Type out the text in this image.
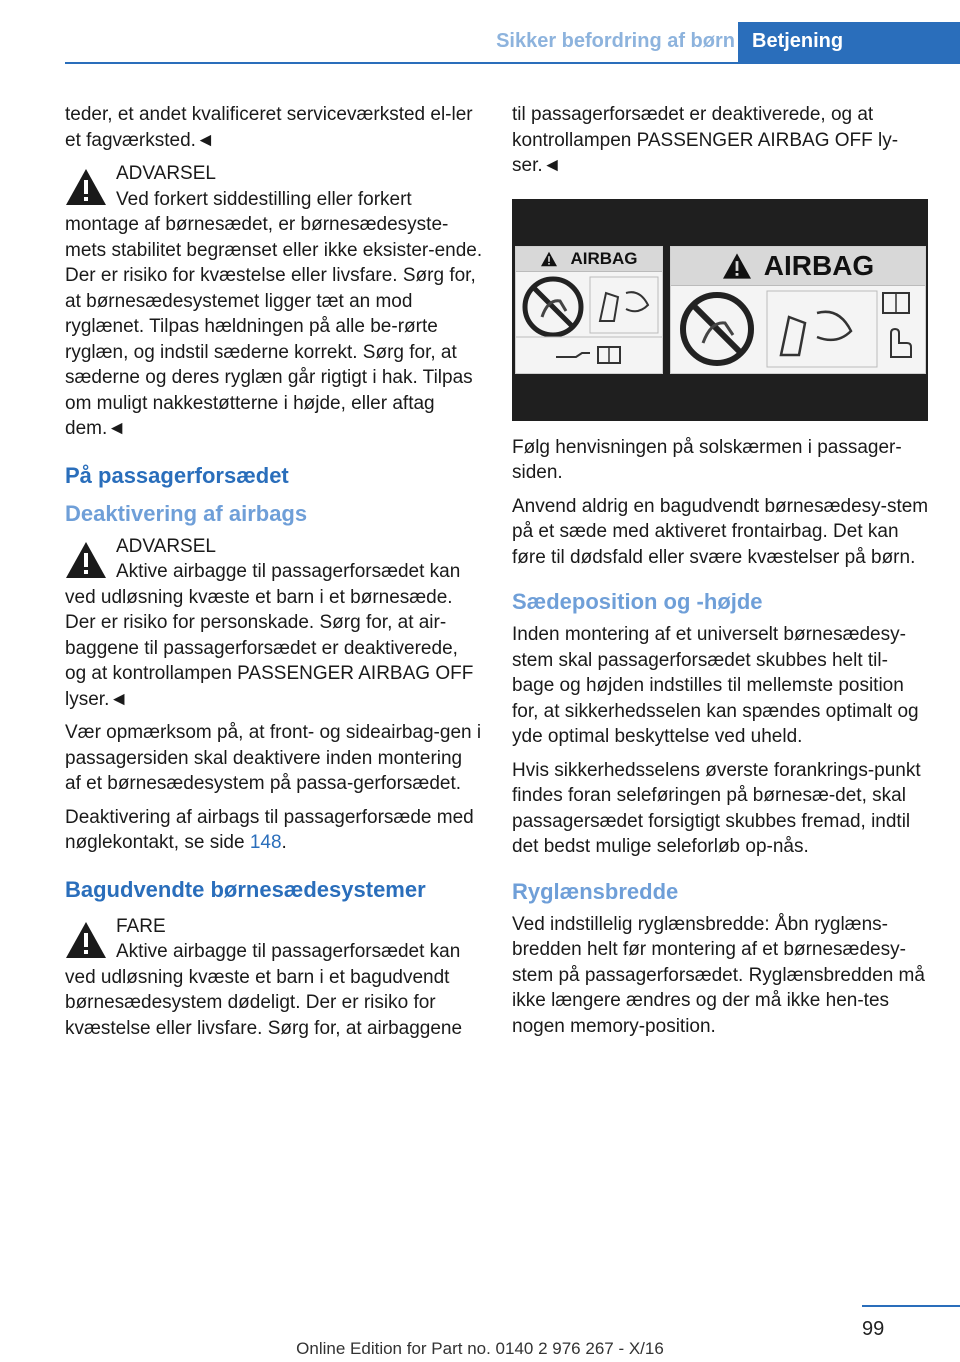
Sikker befordring af børn Betjening

teder, et andet kvalificeret serviceværksted el-ler et fagværksted.◄

ADVARSEL
Ved forkert siddestilling eller forkert montage af børnesædet, er børnesædesyste-mets stabilitet begrænset eller ikke eksister-ende. Der er risiko for kvæstelse eller livsfare. Sørg for, at børnesædesystemet ligger tæt an mod ryglænet. Tilpas hældningen på alle be-rørte ryglæn, og indstil sæderne korrekt. Sørg for, at sæderne og deres ryglæn går rigtigt i hak. Tilpas om muligt nakkestøtterne i højde, eller aftag dem.◄
På passagerforsædet
Deaktivering af airbags
ADVARSEL
Aktive airbagge til passagerforsædet kan ved udløsning kvæste et barn i et børnesæde. Der er risiko for personskade. Sørg for, at air-baggene til passagerforsædet er deaktiverede, og at kontrollampen PASSENGER AIRBAG OFF lyser.◄

Vær opmærksom på, at front- og sideairbag-gen i passagersiden skal deaktivere inden montering af et børnesædesystem på passa-gerforsædet.

Deaktivering af airbags til passagerforsæde med nøglekontakt, se side 148.

Bagudvendte børnesædesystemer
FARE
Aktive airbagge til passagerforsædet kan ved udløsning kvæste et barn i et bagudvendt børnesædesystem dødeligt. Der er risiko for kvæstelse eller livsfare. Sørg for, at airbaggene

til passagerforsædet er deaktiverede, og at kontrollampen PASSENGER AIRBAG OFF ly-ser.◄

AIRBAG	AIRBAG

Følg henvisningen på solskærmen i passager-siden.

Anvend aldrig en bagudvendt børnesædesy-stem på et sæde med aktiveret frontairbag. Det kan føre til dødsfald eller svære kvæstelser på børn.

Sædeposition og -højde

Inden montering af et universelt børnesædesy-stem skal passagerforsædet skubbes helt til-bage og højden indstilles til mellemste position for, at sikkerhedsselen kan spændes optimalt og yde optimal beskyttelse ved uheld.

Hvis sikkerhedsselens øverste forankrings-punkt findes foran seleføringen på børnesæ-det, skal passagersædet forsigtigt skubbes fremad, indtil det bedst mulige seleforløb op-nås.

Ryglænsbredde

Ved indstillelig ryglænsbredde: Åbn ryglæns-bredden helt før montering af et børnesædesy-stem på passagerforsædet. Ryglænsbredden må ikke længere ændres og der må ikke hen-tes nogen memory-position.

99
Online Edition for Part no. 0140 2 976 267 - X/16
